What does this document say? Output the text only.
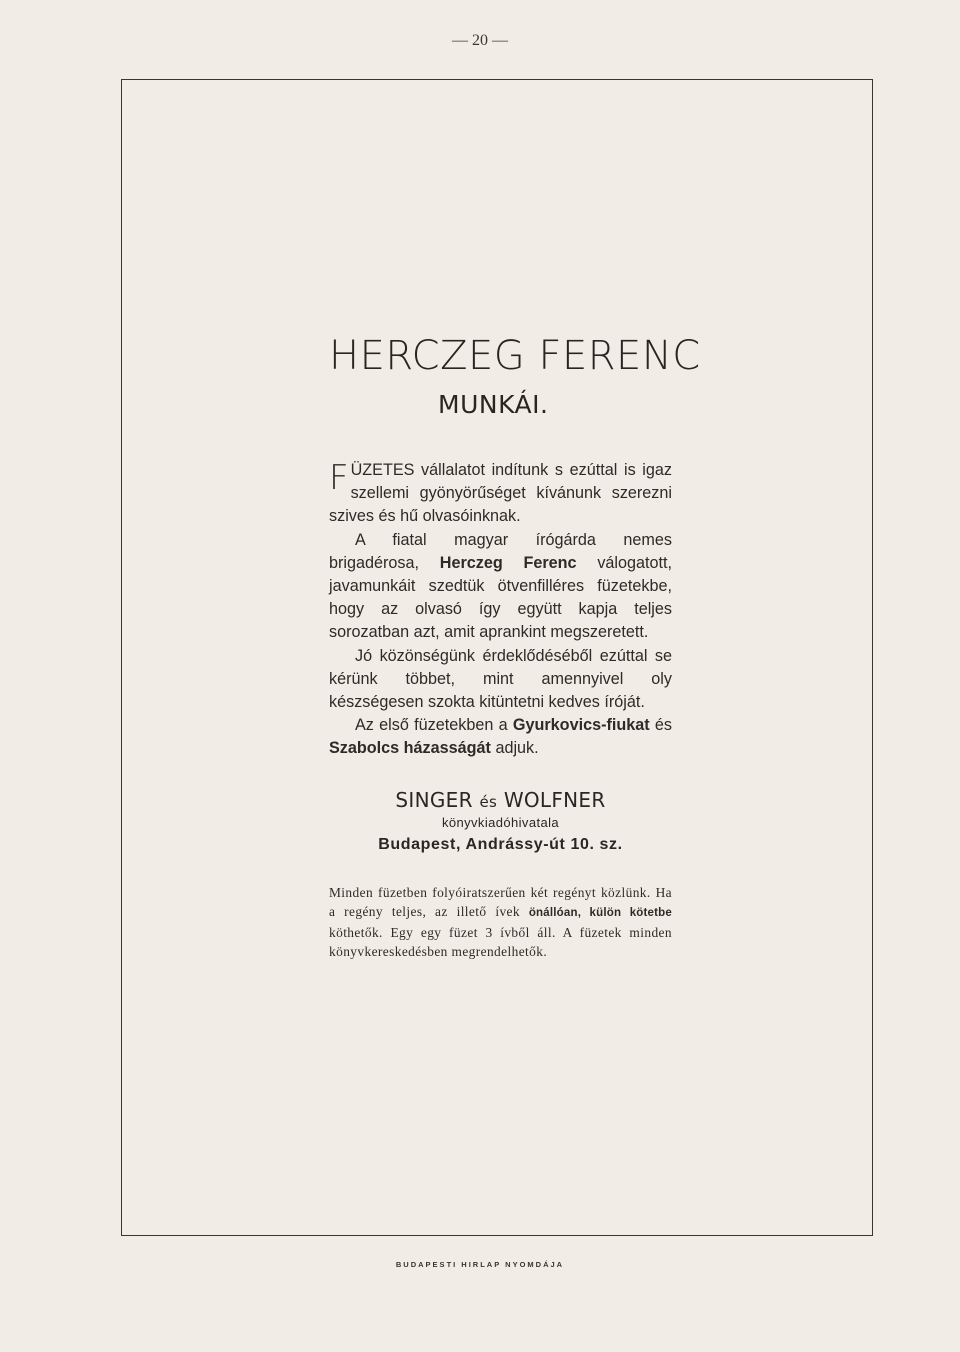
— 20 —
HERCZEG FERENC
MUNKÁI.

FÜZETES vállalatot indítunk s ezúttal is igaz szellemi gyönyörűséget kívánunk szerezni szives és hű olvasóinknak.

A fiatal magyar írógárda nemes brigadérosa, Herczeg Ferenc válogatott, javamunkáit szedtük ötvenfilléres füzetekbe, hogy az olvasó így együtt kapja teljes sorozatban azt, amit aprankint megszeretett.

Jó közönségünk érdeklődéséből ezúttal se kérünk többet, mint amennyivel oly készségesen szokta kitüntetni kedves íróját.

Az első füzetekben a Gyurkovics-fiukat és Szabolcs házasságát adjuk.

SINGER és WOLFNER
könyvkiadóhivatala
Budapest, Andrássy-út 10. sz.
Minden füzetben folyóiratszerűen két regényt közlünk. Ha a regény teljes, az illető ívek önállóan, külön kötetbe köthetők. Egy egy füzet 3 ívből áll. A füzetek minden könyvkereskedésben megrendelhetők.
BUDAPESTI HIRLAP NYOMDÁJA
